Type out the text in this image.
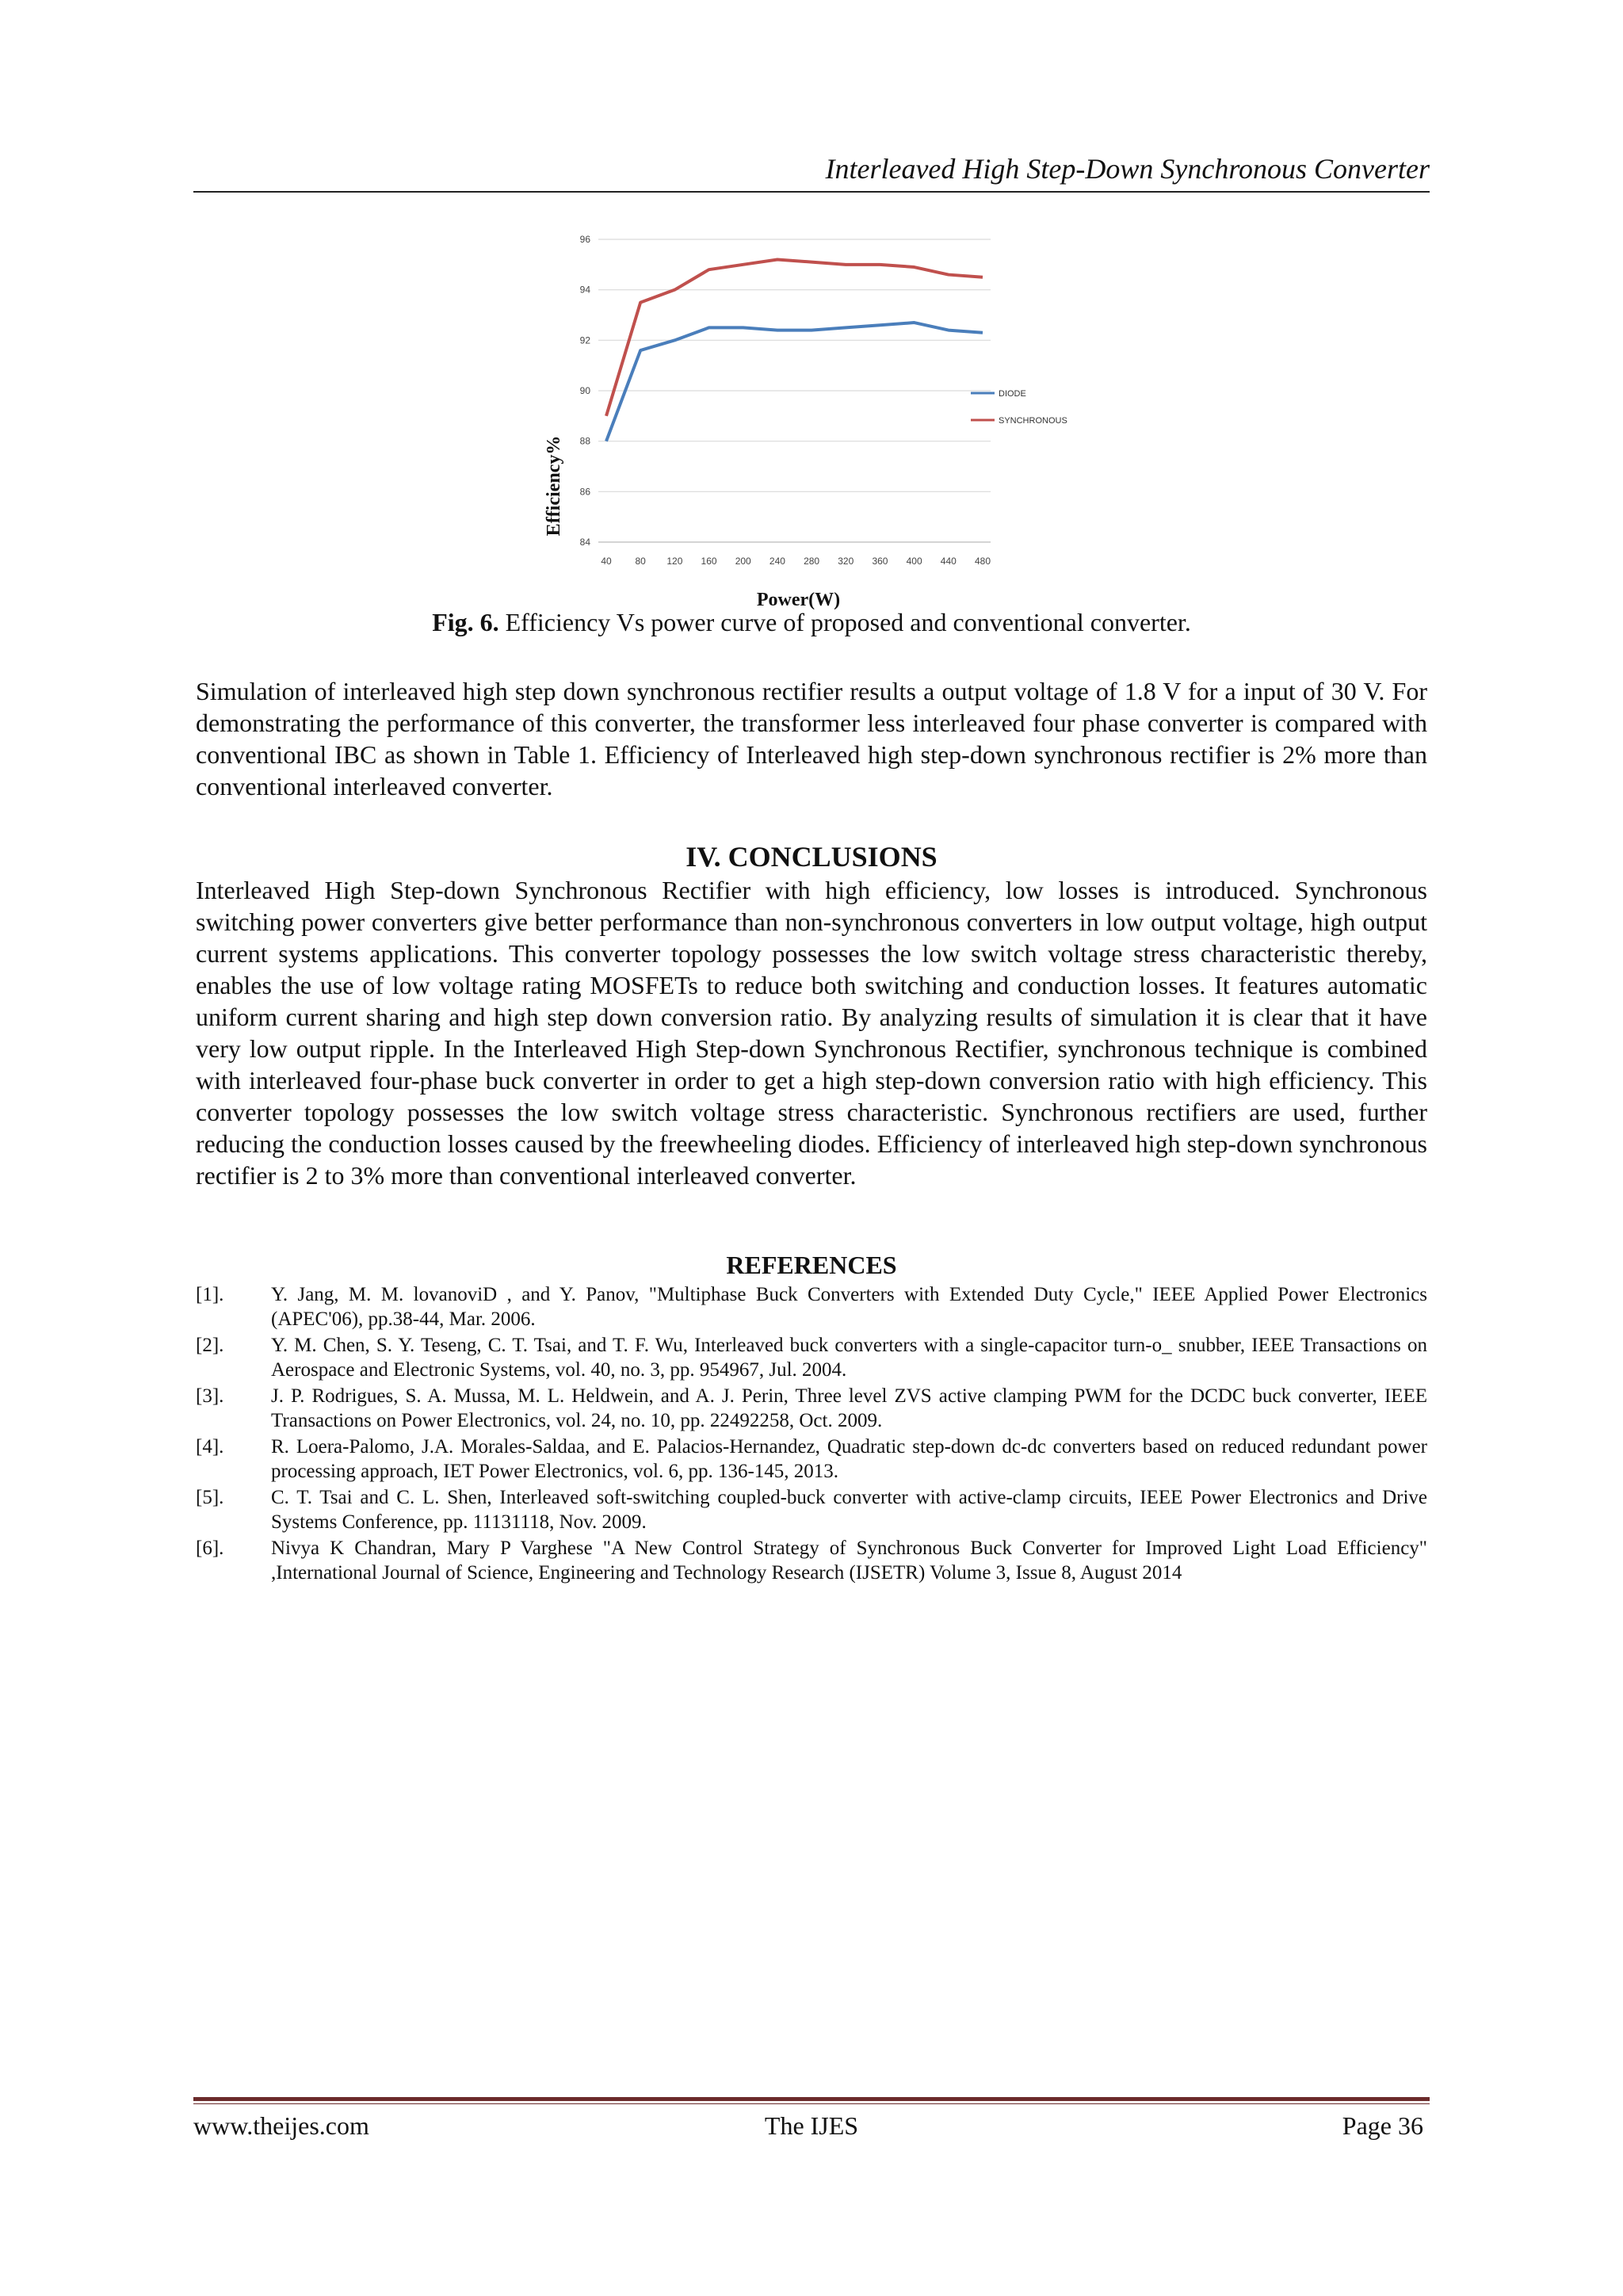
Interleaved High Step-Down Synchronous Converter
84
86
88
90
92
94
96
40 80 120 160 200 240 280 320 360 400 440 480
DIODE
SYNCHRONOUS
Power(W)
Efficiency%
Fig. 6. Efficiency Vs power curve of proposed and conventional converter.

Simulation of interleaved high step down synchronous rectifier results a output voltage of 1.8 V for a input of 30 V. For demonstrating the performance of this converter, the transformer less interleaved four phase converter is compared with conventional IBC as shown in Table 1. Efficiency of Interleaved high step-down synchronous rectifier is 2% more than conventional interleaved converter.

IV. CONCLUSIONS

Interleaved High Step-down Synchronous Rectifier with high efficiency, low losses is introduced. Synchronous switching power converters give better performance than non-synchronous converters in low output voltage, high output current systems applications. This converter topology possesses the low switch voltage stress characteristic thereby, enables the use of low voltage rating MOSFETs to reduce both switching and conduction losses. It features automatic uniform current sharing and high step down conversion ratio. By analyzing results of simulation it is clear that it have very low output ripple. In the Interleaved High Step-down Synchronous Rectifier, synchronous technique is combined with interleaved four-phase buck converter in order to get a high step-down conversion ratio with high efficiency. This converter topology possesses the low switch voltage stress characteristic. Synchronous rectifiers are used, further reducing the conduction losses caused by the freewheeling diodes. Efficiency of interleaved high step-down synchronous rectifier is 2 to 3% more than conventional interleaved converter.

REFERENCES
[1].	Y. Jang, M. M. lovanoviD , and Y. Panov, "Multiphase Buck Converters with Extended Duty Cycle," IEEE Applied Power Electronics (APEC'06), pp.38-44, Mar. 2006.
[2].	Y. M. Chen, S. Y. Teseng, C. T. Tsai, and T. F. Wu, Interleaved buck converters with a single-capacitor turn-o_ snubber, IEEE Transactions on Aerospace and Electronic Systems, vol. 40, no. 3, pp. 954967, Jul. 2004.
[3].	J. P. Rodrigues, S. A. Mussa, M. L. Heldwein, and A. J. Perin, Three level ZVS active clamping PWM for the DCDC buck converter, IEEE Transactions on Power Electronics, vol. 24, no. 10, pp. 22492258, Oct. 2009.
[4].	R. Loera-Palomo, J.A. Morales-Saldaa, and E. Palacios-Hernandez, Quadratic step-down dc-dc converters based on reduced redundant power processing approach, IET Power Electronics, vol. 6, pp. 136-145, 2013.
[5].	C. T. Tsai and C. L. Shen, Interleaved soft-switching coupled-buck converter with active-clamp circuits, IEEE Power Electronics and Drive Systems Conference, pp. 11131118, Nov. 2009.
[6].	Nivya K Chandran, Mary P Varghese "A New Control Strategy of Synchronous Buck Converter for Improved Light Load Efficiency" ,International Journal of Science, Engineering and Technology Research (IJSETR) Volume 3, Issue 8, August 2014
www.theijes.com	The IJES	Page 36
